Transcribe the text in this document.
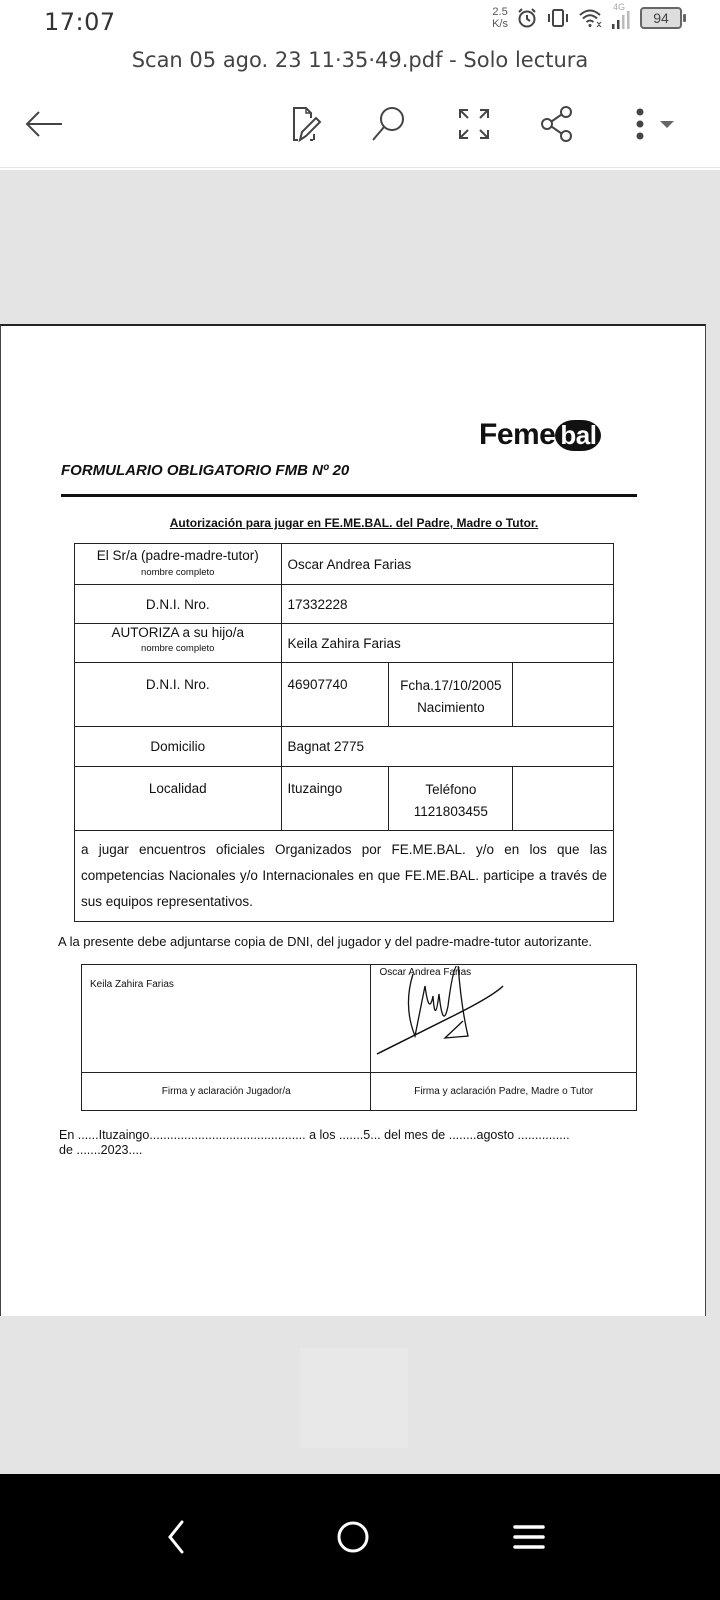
17:07	2.5
K/s
4G
94
Scan 05 ago. 23 11·35·49.pdf - Solo lectura
Feme bal
FORMULARIO OBLIGATORIO FMB Nº 20
Autorización para jugar en FE.ME.BAL. del Padre, Madre o Tutor.
El Sr/a (padre-madre-tutor)
nombre completo	Oscar Andrea Farias		
D.N.I. Nro.	17332228		
AUTORIZA a su hijo/a
nombre completo	Keila Zahira Farias		
D.N.I. Nro.	46907740	Fcha.17/10/2005
Nacimiento	

Domicilio	Bagnat 2775		
Localidad	Ituzaingo	Teléfono
1121803455	

a jugar encuentros oficiales Organizados por FE.ME.BAL. y/o en los que las competencias Nacionales y/o Internacionales en que FE.ME.BAL. participe a través de sus equipos representativos.			
A la presente debe adjuntarse copia de DNI, del jugador y del padre-madre-tutor autorizante.
Keila Zahira Farias	Oscar Andrea Farias
Firma y aclaración Jugador/a	Firma y aclaración Padre, Madre o Tutor
En ......Ituzaingo............................................. a los .......5... del mes de ........agosto ...............
de .......2023....
